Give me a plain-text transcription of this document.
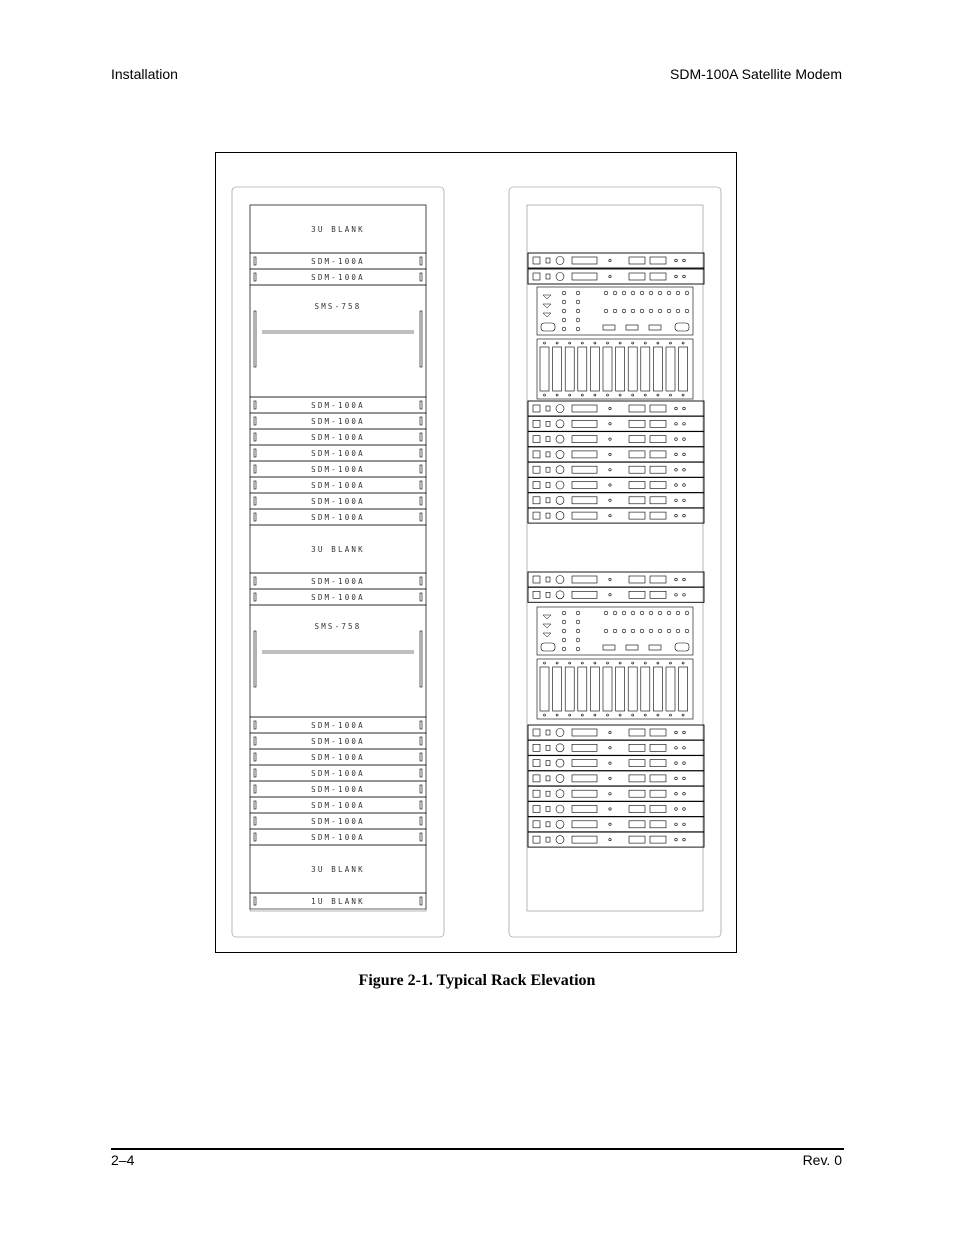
Installation	SDM-100A Satellite Modem
3U BLANK
SDM-100A
SDM-100A
SMS-758
SDM-100A
SDM-100A
SDM-100A
SDM-100A
SDM-100A
SDM-100A
SDM-100A
SDM-100A
3U BLANK
SDM-100A
SDM-100A
SMS-758
SDM-100A
SDM-100A
SDM-100A
SDM-100A
SDM-100A
SDM-100A
SDM-100A
SDM-100A
3U BLANK
1U BLANK
Figure 2-1. Typical Rack Elevation
2–4	Rev. 0
